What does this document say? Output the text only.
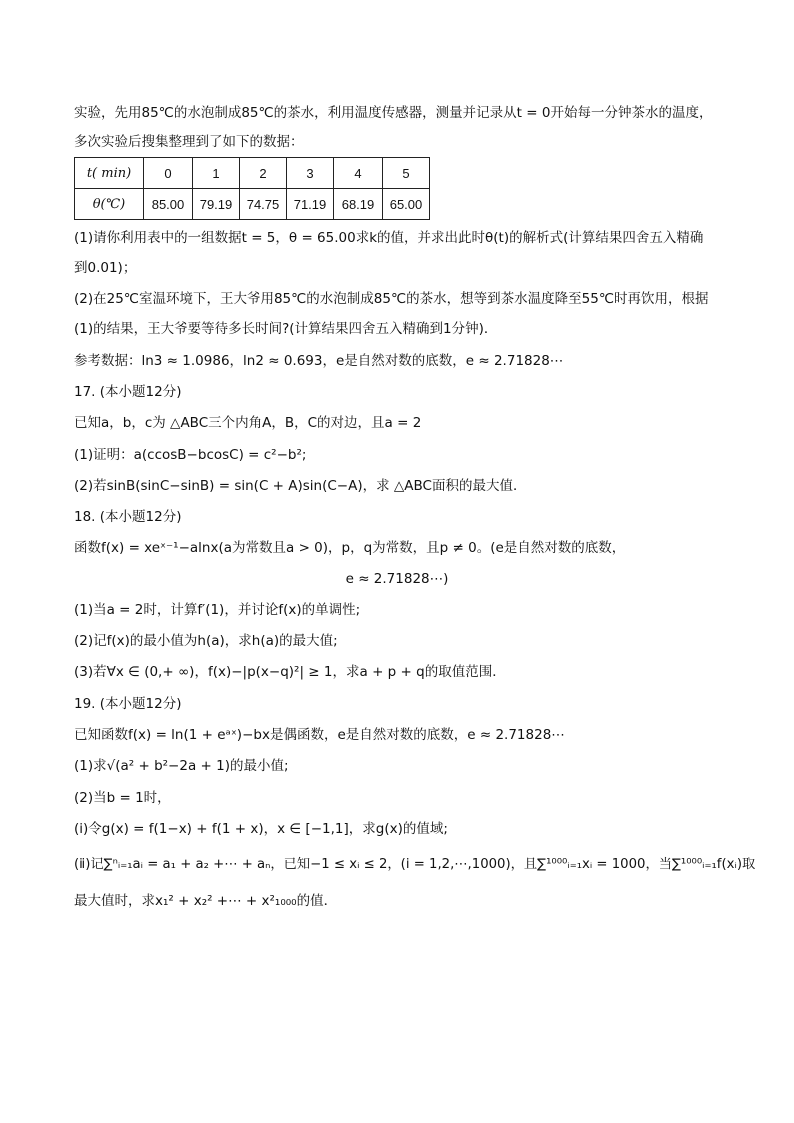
实验，先用85℃的水泡制成85℃的茶水，利用温度传感器，测量并记录从t = 0开始每一分钟茶水的温度，
多次实验后搜集整理到了如下的数据：
t( min)	0	1	2	3	4	5
θ(℃)	85.00	79.19	74.75	71.19	68.19	65.00
(1)请你利用表中的一组数据t = 5，θ = 65.00求k的值，并求出此时θ(t)的解析式(计算结果四舍五入精确
到0.01)；
(2)在25℃室温环境下，王大爷用85℃的水泡制成85℃的茶水，想等到茶水温度降至55℃时再饮用，根据
(1)的结果，王大爷要等待多长时间?(计算结果四舍五入精确到1分钟)．
参考数据：ln3 ≈ 1.0986，ln2 ≈ 0.693，e是自然对数的底数，e ≈ 2.71828⋯
17. (本小题12分)
已知a，b，c为 △ABC三个内角A，B，C的对边，且a = 2
(1)证明：a(ccosB−bcosC) = c²−b²;
(2)若sinB(sinC−sinB) = sin(C + A)sin(C−A)，求 △ABC面积的最大值．
18. (本小题12分)
函数f(x) = xeˣ⁻¹−alnx(a为常数且a > 0)，p，q为常数，且p ≠ 0。(e是自然对数的底数，
e ≈ 2.71828⋯)
(1)当a = 2时，计算f′(1)，并讨论f(x)的单调性;
(2)记f(x)的最小值为h(a)，求h(a)的最大值;
(3)若∀x ∈ (0,+ ∞)，f(x)−|p(x−q)²| ≥ 1，求a + p + q的取值范围．
19. (本小题12分)
已知函数f(x) = ln(1 + eᵃˣ)−bx是偶函数，e是自然对数的底数，e ≈ 2.71828⋯
(1)求√(a² + b²−2a + 1)的最小值;
(2)当b = 1时，
(ⅰ)令g(x) = f(1−x) + f(1 + x)，x ∈ [−1,1]，求g(x)的值域;
(ⅱ)记∑ⁿᵢ₌₁aᵢ = a₁ + a₂ +⋯ + aₙ，已知−1 ≤ xᵢ ≤ 2，(i = 1,2,⋯,1000)，且∑¹⁰⁰⁰ᵢ₌₁xᵢ = 1000，当∑¹⁰⁰⁰ᵢ₌₁f(xᵢ)取
最大值时，求x₁² + x₂² +⋯ + x²₁₀₀₀的值．
